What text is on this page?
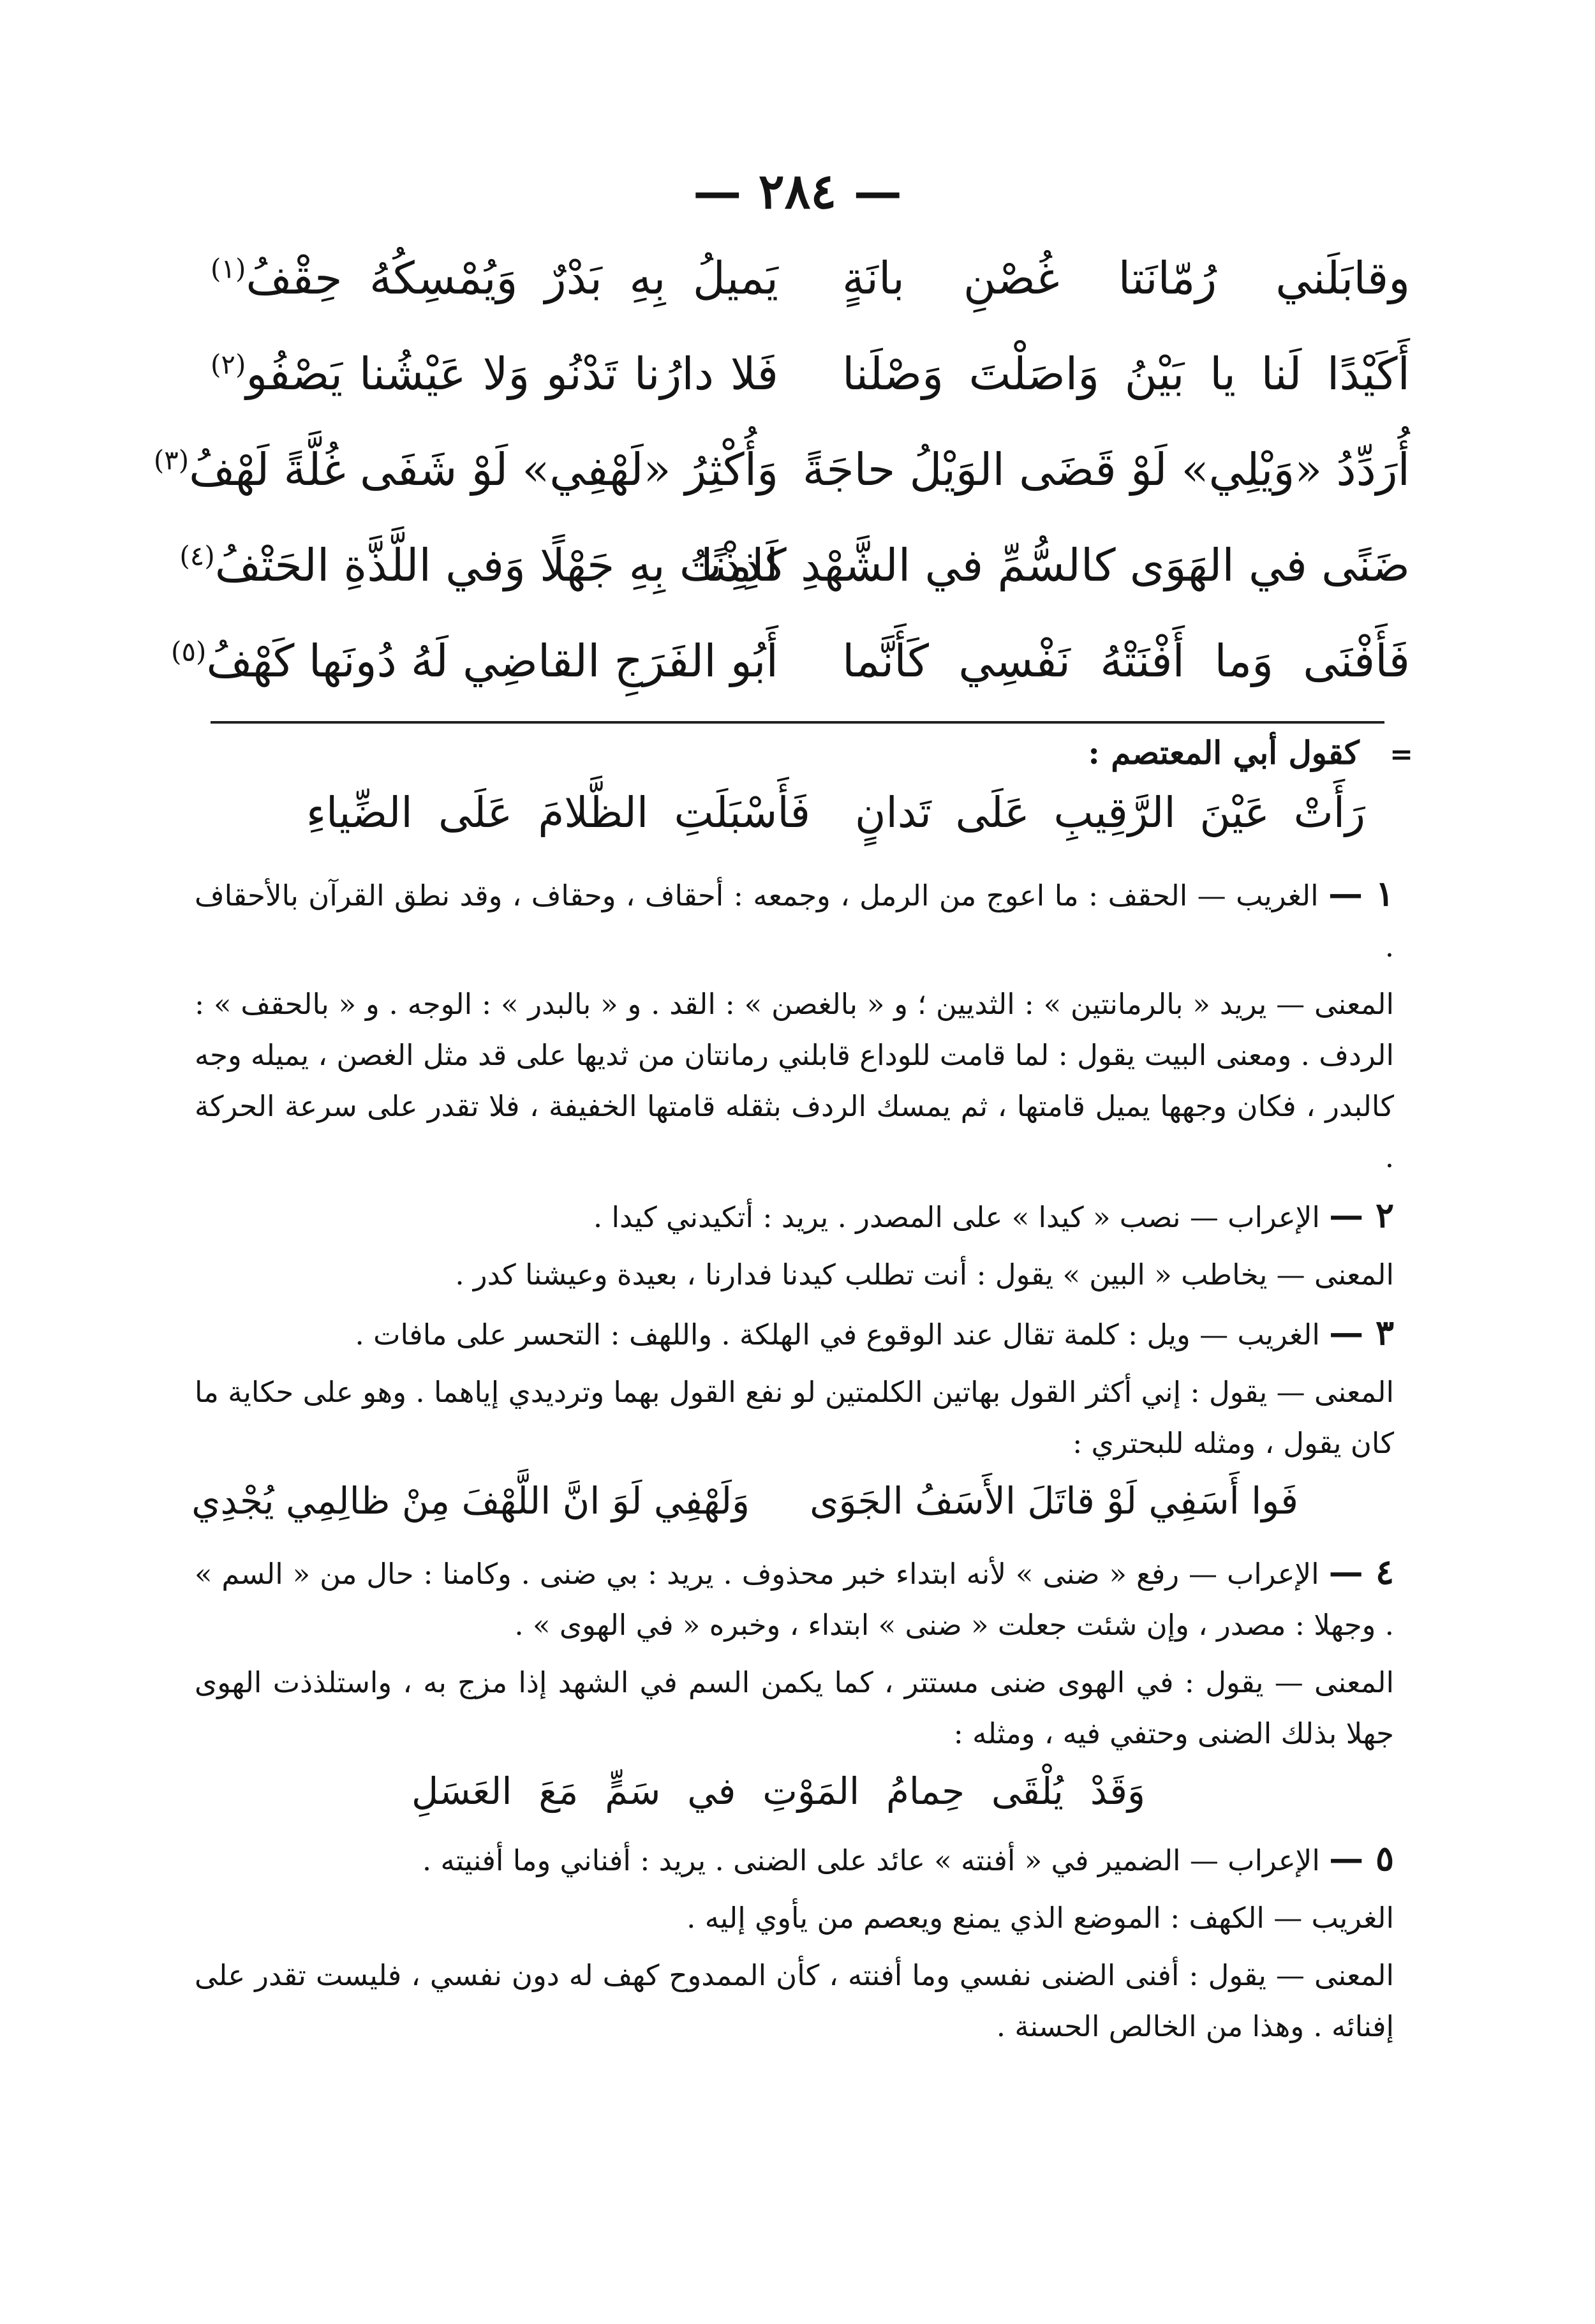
— ٢٨٤ —
وقابَلَني رُمّانَتا غُصْنِ بانَةٍ
يَميلُ بِهِ بَدْرٌ وَيُمْسِكُهُ حِقْفُ$^{(١)}$
أَكَيْدًا لَنا يا بَيْنُ وَاصَلْتَ وَصْلَنا
فَلا دارُنا تَدْنُو وَلا عَيْشُنا يَصْفُو$^{(٢)}$
أُرَدِّدُ «وَيْلِي» لَوْ قَضَى الوَيْلُ حاجَةً
وَأُكْثِرُ «لَهْفِي» لَوْ شَفَى غُلَّةً لَهْفُ$^{(٣)}$
ضَنًى في الهَوَى كالسُّمِّ في الشَّهْدِ كامِنًا
لَذِذْتُ بِهِ جَهْلًا وَفي اللَّذَّةِ الحَتْفُ$^{(٤)}$
فَأَفْنَى وَما أَفْنَتْهُ نَفْسِي كَأَنَّما
أَبُو الفَرَجِ القاضِي لَهُ دُونَها كَهْفُ$^{(٥)}$
= كقول أبي المعتصم :
رَأَتْ عَيْنَ الرَّقِيبِ عَلَى تَدانٍ
فَأَسْبَلَتِ الظَّلامَ عَلَى الضِّياءِ

١ — الغريب — الحقف : ما اعوج من الرمل ، وجمعه : أحقاف ، وحقاف ، وقد نطق القرآن بالأحقاف .

المعنى — يريد « بالرمانتين » : الثديين ؛ و « بالغصن » : القد . و « بالبدر » : الوجه . و « بالحقف » : الردف . ومعنى البيت يقول : لما قامت للوداع قابلني رمانتان من ثديها على قد مثل الغصن ، يميله وجه كالبدر ، فكان وجهها يميل قامتها ، ثم يمسك الردف بثقله قامتها الخفيفة ، فلا تقدر على سرعة الحركة .

٢ — الإعراب — نصب « كيدا » على المصدر . يريد : أتكيدني كيدا .

المعنى — يخاطب « البين » يقول : أنت تطلب كيدنا فدارنا ، بعيدة وعيشنا كدر .

٣ — الغريب — ويل : كلمة تقال عند الوقوع في الهلكة . واللهف : التحسر على مافات .

المعنى — يقول : إني أكثر القول بهاتين الكلمتين لو نفع القول بهما وترديدي إياهما . وهو على حكاية ما كان يقول ، ومثله للبحتري :

فَوا أَسَفِي لَوْ قاتَلَ الأَسَفُ الجَوَى
وَلَهْفِي لَوَ انَّ اللَّهْفَ مِنْ ظالِمِي يُجْدِي

٤ — الإعراب — رفع « ضنى » لأنه ابتداء خبر محذوف . يريد : بي ضنى . وكامنا : حال من « السم » . وجهلا : مصدر ، وإن شئت جعلت « ضنى » ابتداء ، وخبره « في الهوى » .

المعنى — يقول : في الهوى ضنى مستتر ، كما يكمن السم في الشهد إذا مزج به ، واستلذذت الهوى جهلا بذلك الضنى وحتفي فيه ، ومثله :

وَقَدْ يُلْقَى حِمامُ المَوْتِ في سَمٍّ مَعَ العَسَلِ

٥ — الإعراب — الضمير في « أفنته » عائد على الضنى . يريد : أفناني وما أفنيته .

الغريب — الكهف : الموضع الذي يمنع ويعصم من يأوي إليه .

المعنى — يقول : أفنى الضنى نفسي وما أفنته ، كأن الممدوح كهف له دون نفسي ، فليست تقدر على إفنائه . وهذا من الخالص الحسنة .
